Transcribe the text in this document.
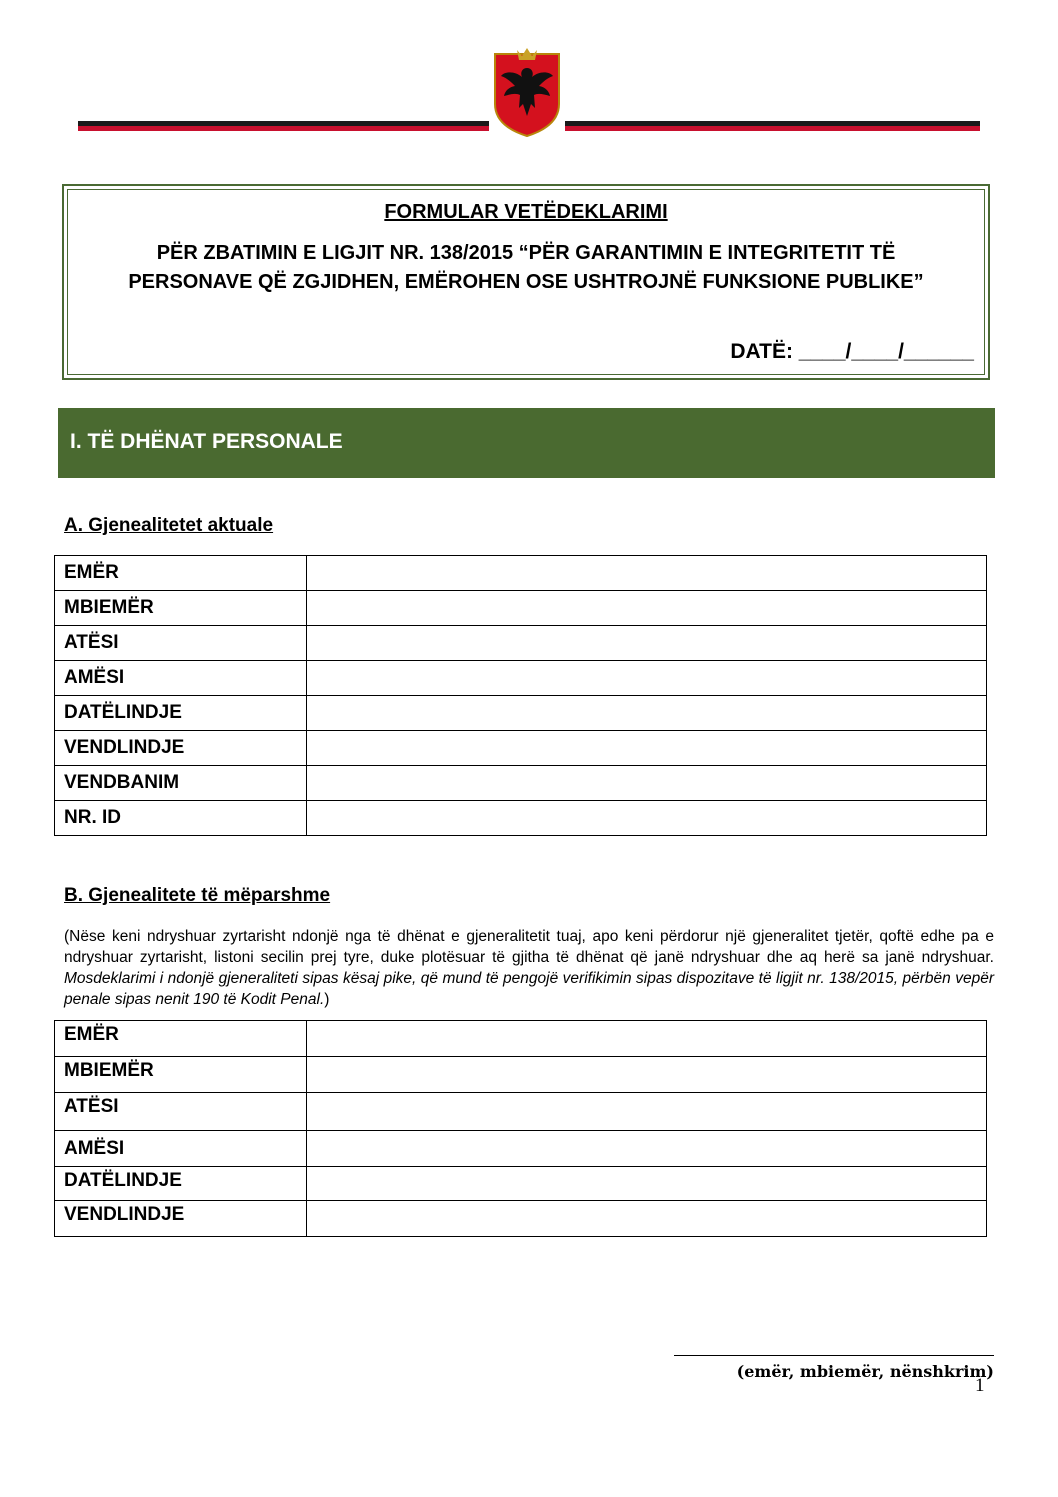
FORMULAR VETËDEKLARIMI
PËR ZBATIMIN E LIGJIT NR. 138/2015 “PËR GARANTIMIN E INTEGRITETIT TË PERSONAVE QË ZGJIDHEN, EMËROHEN OSE USHTROJNË FUNKSIONE PUBLIKE”
DATË: ____/____/______
I. TË DHËNAT PERSONALE
A. Gjenealitetet aktuale
EMËR	
MBIEMËR	
ATËSI	
AMËSI	
DATËLINDJE	
VENDLINDJE	
VENDBANIM	
NR. ID	
B. Gjenealitete të mëparshme
(Nëse keni ndryshuar zyrtarisht ndonjë nga të dhënat e gjeneralitetit tuaj, apo keni përdorur një gjeneralitet tjetër, qoftë edhe pa e ndryshuar zyrtarisht, listoni secilin prej tyre, duke plotësuar të gjitha të dhënat që janë ndryshuar dhe aq herë sa janë ndryshuar. Mosdeklarimi i ndonjë gjeneraliteti sipas kësaj pike, që mund të pengojë verifikimin sipas dispozitave të ligjit nr. 138/2015, përbën vepër penale sipas nenit 190 të Kodit Penal.)
EMËR	
MBIEMËR	
ATËSI	
AMËSI	
DATËLINDJE	
VENDLINDJE	
(emër, mbiemër, nënshkrim)
1
